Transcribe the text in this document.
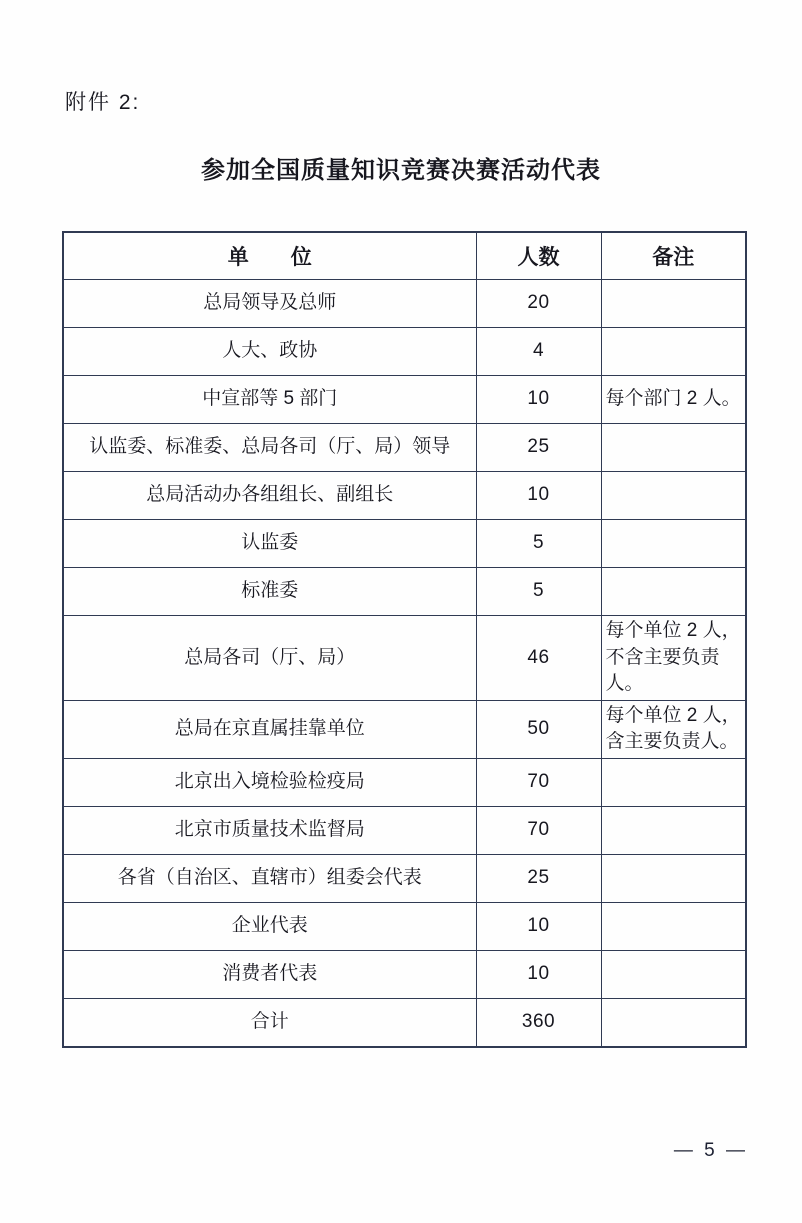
附件 2:
参加全国质量知识竞赛决赛活动代表
单　　位	人数	备注
总局领导及总师	20	
人大、政协	4	
中宣部等 5 部门	10	每个部门 2 人。
认监委、标准委、总局各司（厅、局）领导	25	
总局活动办各组组长、副组长	10	
认监委	5	
标准委	5	
总局各司（厅、局）	46	每个单位 2 人，不含主要负责人。
总局在京直属挂靠单位	50	每个单位 2 人，含主要负责人。
北京出入境检验检疫局	70	
北京市质量技术监督局	70	
各省（自治区、直辖市）组委会代表	25	
企业代表	10	
消费者代表	10	
合计	360	
— 5 —
